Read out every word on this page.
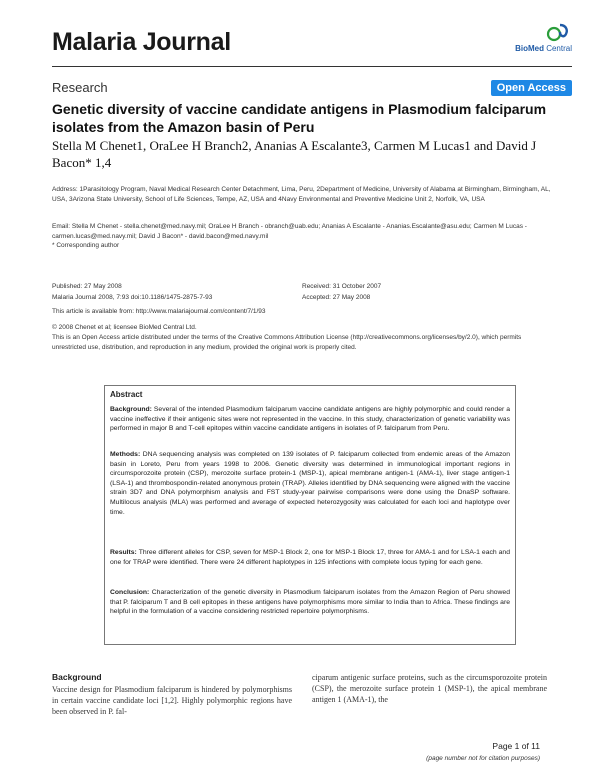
Malaria Journal	BioMed Central
Research	Open Access
Genetic diversity of vaccine candidate antigens in Plasmodium falciparum isolates from the Amazon basin of Peru
Stella M Chenet1, OraLee H Branch2, Ananias A Escalante3, Carmen M Lucas1 and David J Bacon* 1,4
Address: 1Parasitology Program, Naval Medical Research Center Detachment, Lima, Peru, 2Department of Medicine, University of Alabama at Birmingham, Birmingham, AL, USA, 3Arizona State University, School of Life Sciences, Tempe, AZ, USA and 4Navy Environmental and Preventive Medicine Unit 2, Norfolk, VA, USA
Email: Stella M Chenet - stella.chenet@med.navy.mil; OraLee H Branch - obranch@uab.edu; Ananias A Escalante - Ananias.Escalante@asu.edu; Carmen M Lucas - carmen.lucas@med.navy.mil; David J Bacon* - david.bacon@med.navy.mil
* Corresponding author
Published: 27 May 2008	Received: 31 October 2007
Malaria Journal 2008, 7:93 doi:10.1186/1475-2875-7-93	Accepted: 27 May 2008
This article is available from: http://www.malariajournal.com/content/7/1/93
© 2008 Chenet et al; licensee BioMed Central Ltd.
This is an Open Access article distributed under the terms of the Creative Commons Attribution License (http://creativecommons.org/licenses/by/2.0), which permits unrestricted use, distribution, and reproduction in any medium, provided the original work is properly cited.
Abstract
Background: Several of the intended Plasmodium falciparum vaccine candidate antigens are highly polymorphic and could render a vaccine ineffective if their antigenic sites were not represented in the vaccine. In this study, characterization of genetic variability was performed in major B and T-cell epitopes within vaccine candidate antigens in isolates of P. falciparum from Peru.
Methods: DNA sequencing analysis was completed on 139 isolates of P. falciparum collected from endemic areas of the Amazon basin in Loreto, Peru from years 1998 to 2006. Genetic diversity was determined in immunological important regions in circumsporozoite protein (CSP), merozoite surface protein-1 (MSP-1), apical membrane antigen-1 (AMA-1), liver stage antigen-1 (LSA-1) and thrombospondin-related anonymous protein (TRAP). Alleles identified by DNA sequencing were aligned with the vaccine strain 3D7 and DNA polymorphism analysis and FST study-year pairwise comparisons were done using the DnaSP software. Multilocus analysis (MLA) was performed and average of expected heterozygosity was calculated for each loci and haplotype over time.
Results: Three different alleles for CSP, seven for MSP-1 Block 2, one for MSP-1 Block 17, three for AMA-1 and for LSA-1 each and one for TRAP were identified. There were 24 different haplotypes in 125 infections with complete locus typing for each gene.
Conclusion: Characterization of the genetic diversity in Plasmodium falciparum isolates from the Amazon Region of Peru showed that P. falciparum T and B cell epitopes in these antigens have polymorphisms more similar to India than to Africa. These findings are helpful in the formulation of a vaccine considering restricted repertoire polymorphisms.
Background
Vaccine design for Plasmodium falciparum is hindered by polymorphisms in certain vaccine candidate loci [1,2]. Highly polymorphic regions have been observed in P. fal-
ciparum antigenic surface proteins, such as the circumsporozoite protein (CSP), the merozoite surface protein 1 (MSP-1), the apical membrane antigen 1 (AMA-1), the
Page 1 of 11
(page number not for citation purposes)
